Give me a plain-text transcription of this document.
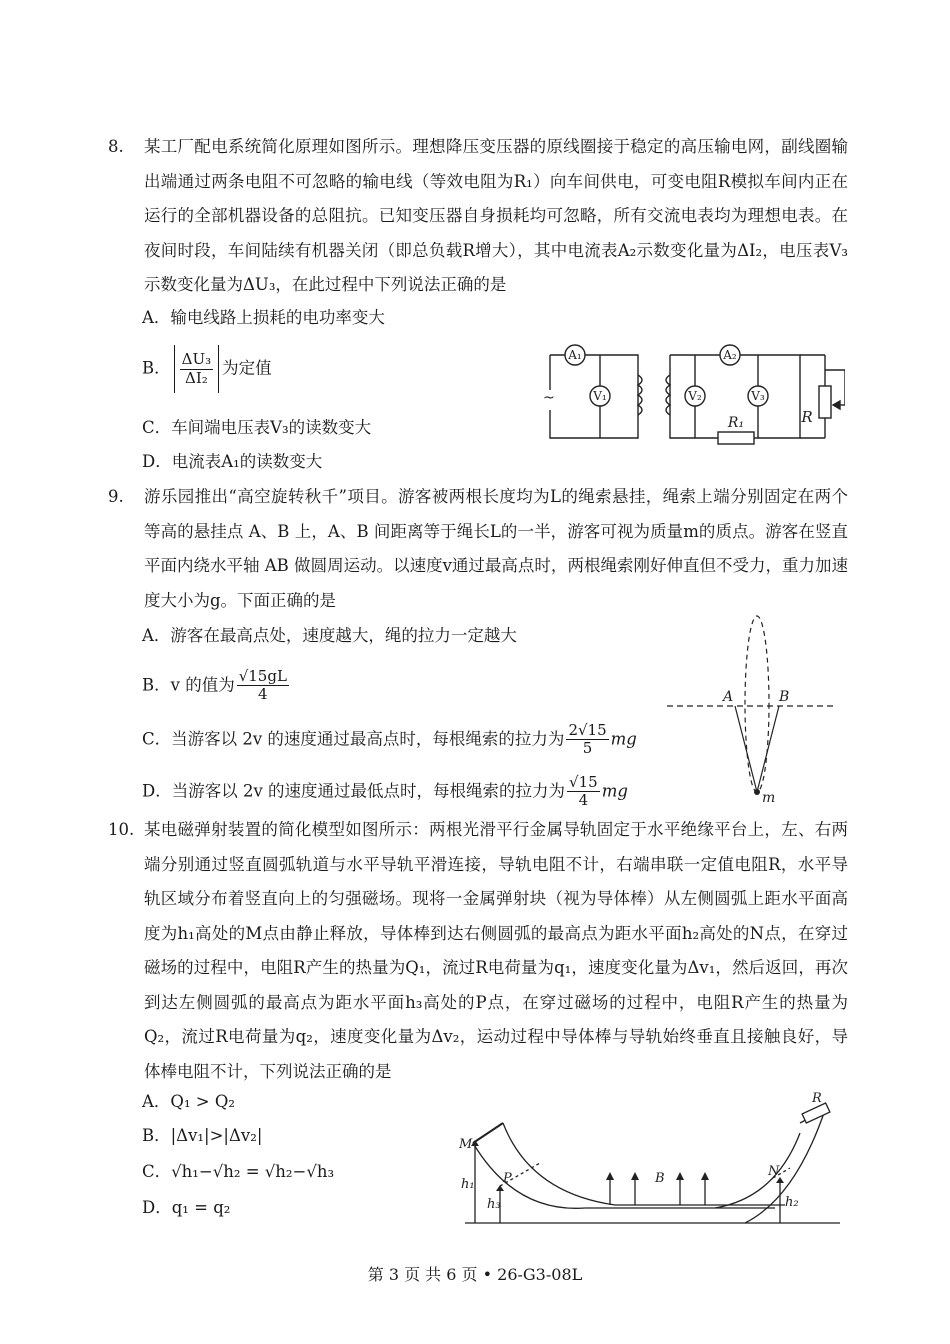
8.	某工厂配电系统简化原理如图所示。理想降压变压器的原线圈接于稳定的高压输电网，副线圈输出端通过两条电阻不可忽略的输电线（等效电阻为R₁）向车间供电，可变电阻R模拟车间内正在运行的全部机器设备的总阻抗。已知变压器自身损耗均可忽略，所有交流电表均为理想电表。在夜间时段，车间陆续有机器关闭（即总负载R增大），其中电流表A₂示数变化量为ΔI₂，电压表V₃示数变化量为ΔU₃，在此过程中下列说法正确的是
A．输电线路上损耗的电功率变大
B． $\frac{\text{ΔU₃}}{\text{ΔI₂}}$ 为定值
C．车间端电压表V₃的读数变大
D．电流表A₁的读数变大
~
A₁
V₁
A₂
V₂	V₃
R₁	R
9.	游乐园推出“高空旋转秋千”项目。游客被两根长度均为L的绳索悬挂，绳索上端分别固定在两个等高的悬挂点 A、B 上，A、B 间距离等于绳长L的一半，游客可视为质量m的质点。游客在竖直平面内绕水平轴 AB 做圆周运动。以速度v通过最高点时，两根绳索刚好伸直但不受力，重力加速度大小为g。下面正确的是
A．游客在最高点处，速度越大，绳的拉力一定越大
B．v 的值为 $\frac{√15gL}{4}$
C．当游客以 2v 的速度通过最高点时，每根绳索的拉力为 $\frac{2√15}{5}$ mg
D．当游客以 2v 的速度通过最低点时，每根绳索的拉力为 $\frac{√15}{4}$ mg
A	B
m
10. 某电磁弹射装置的简化模型如图所示：两根光滑平行金属导轨固定于水平绝缘平台上，左、右两端分别通过竖直圆弧轨道与水平导轨平滑连接，导轨电阻不计，右端串联一定值电阻R，水平导轨区域分布着竖直向上的匀强磁场。现将一金属弹射块（视为导体棒）从左侧圆弧上距水平面高度为h₁高处的M点由静止释放，导体棒到达右侧圆弧的最高点为距水平面h₂高处的N点，在穿过磁场的过程中，电阻R产生的热量为Q₁，流过R电荷量为q₁，速度变化量为Δv₁，然后返回，再次到达左侧圆弧的最高点为距水平面h₃高处的P点，在穿过磁场的过程中，电阻R产生的热量为Q₂，流过R电荷量为q₂，速度变化量为Δv₂，运动过程中导体棒与导轨始终垂直且接触良好，导体棒电阻不计，下列说法正确的是
A．Q₁ > Q₂
B．|Δv₁|>|Δv₂|
C．√h₁−√h₂ = √h₂−√h₃
D．q₁ = q₂
M
P	N
B
R
h₁
h₃	h₂
第 3 页 共 6 页 • 26-G3-08L
